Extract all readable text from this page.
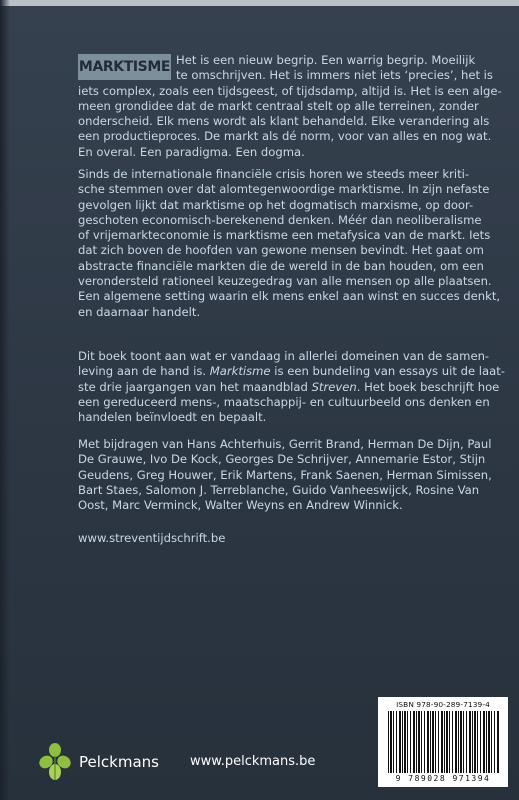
MARKTISME Het is een nieuw begrip. Een warrig begrip. Moeilijk
te omschrijven. Het is immers niet iets ‘precies’, het is
iets complex, zoals een tijdsgeest, of tijdsdamp, altijd is. Het is een alge-
meen grondidee dat de markt centraal stelt op alle terreinen, zonder
onderscheid. Elk mens wordt als klant behandeld. Elke verandering als
een productieproces. De markt als dé norm, voor van alles en nog wat.
En overal. Een paradigma. Een dogma.
Sinds de internationale financiële crisis horen we steeds meer kriti-
sche stemmen over dat alomtegenwoordige marktisme. In zijn nefaste
gevolgen lijkt dat marktisme op het dogmatisch marxisme, op door-
geschoten economisch-berekenend denken. Méér dan neoliberalisme
of vrijemarkteconomie is marktisme een metafysica van de markt. Iets
dat zich boven de hoofden van gewone mensen bevindt. Het gaat om
abstracte financiële markten die de wereld in de ban houden, om een
verondersteld rationeel keuzegedrag van alle mensen op alle plaatsen.
Een algemene setting waarin elk mens enkel aan winst en succes denkt,
en daarnaar handelt.
Dit boek toont aan wat er vandaag in allerlei domeinen van de samen-
leving aan de hand is. Marktisme is een bundeling van essays uit de laat-
ste drie jaargangen van het maandblad Streven. Het boek beschrijft hoe
een gereduceerd mens-, maatschappij- en cultuurbeeld ons denken en
handelen beïnvloedt en bepaalt.
Met bijdragen van Hans Achterhuis, Gerrit Brand, Herman De Dijn, Paul
De Grauwe, Ivo De Kock, Georges De Schrijver, Annemarie Estor, Stijn
Geudens, Greg Houwer, Erik Martens, Frank Saenen, Herman Simissen,
Bart Staes, Salomon J. Terreblanche, Guido Vanheeswijck, Rosine Van
Oost, Marc Verminck, Walter Weyns en Andrew Winnick.
www.streventijdschrift.be
ISBN 978-90-289-7139-4
9 789028 971394
Pelckmans www.pelckmans.be
